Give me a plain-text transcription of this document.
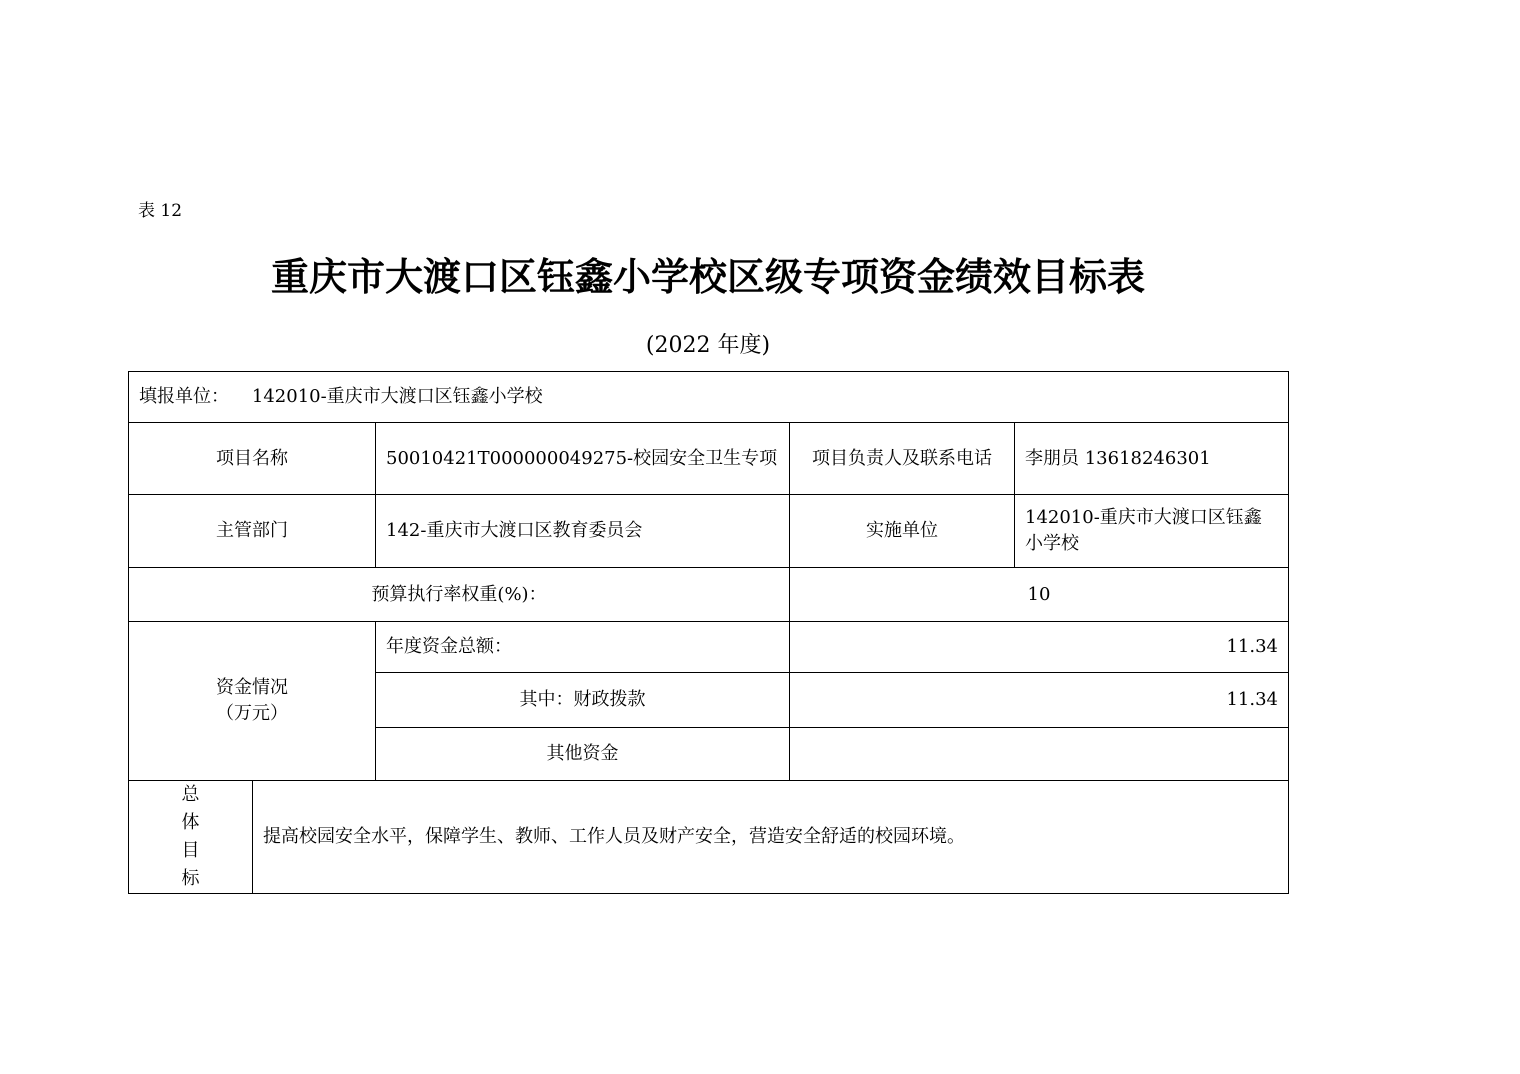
表 12
重庆市大渡口区钰鑫小学校区级专项资金绩效目标表
(2022 年度)
填报单位： 142010-重庆市大渡口区钰鑫小学校				
项目名称		50010421T000000049275-校园安全卫生专项	项目负责人及联系电话	李朋员 13618246301
主管部门		142-重庆市大渡口区教育委员会	实施单位	142010-重庆市大渡口区钰鑫
小学校

预算执行率权重(%)：			10	

资金情况
（万元）		年度资金总额：	11.34	
		其中：财政拨款	11.34	
		其他资金		

总
体
目
标	提高校园安全水平，保障学生、教师、工作人员及财产安全，营造安全舒适的校园环境。			
